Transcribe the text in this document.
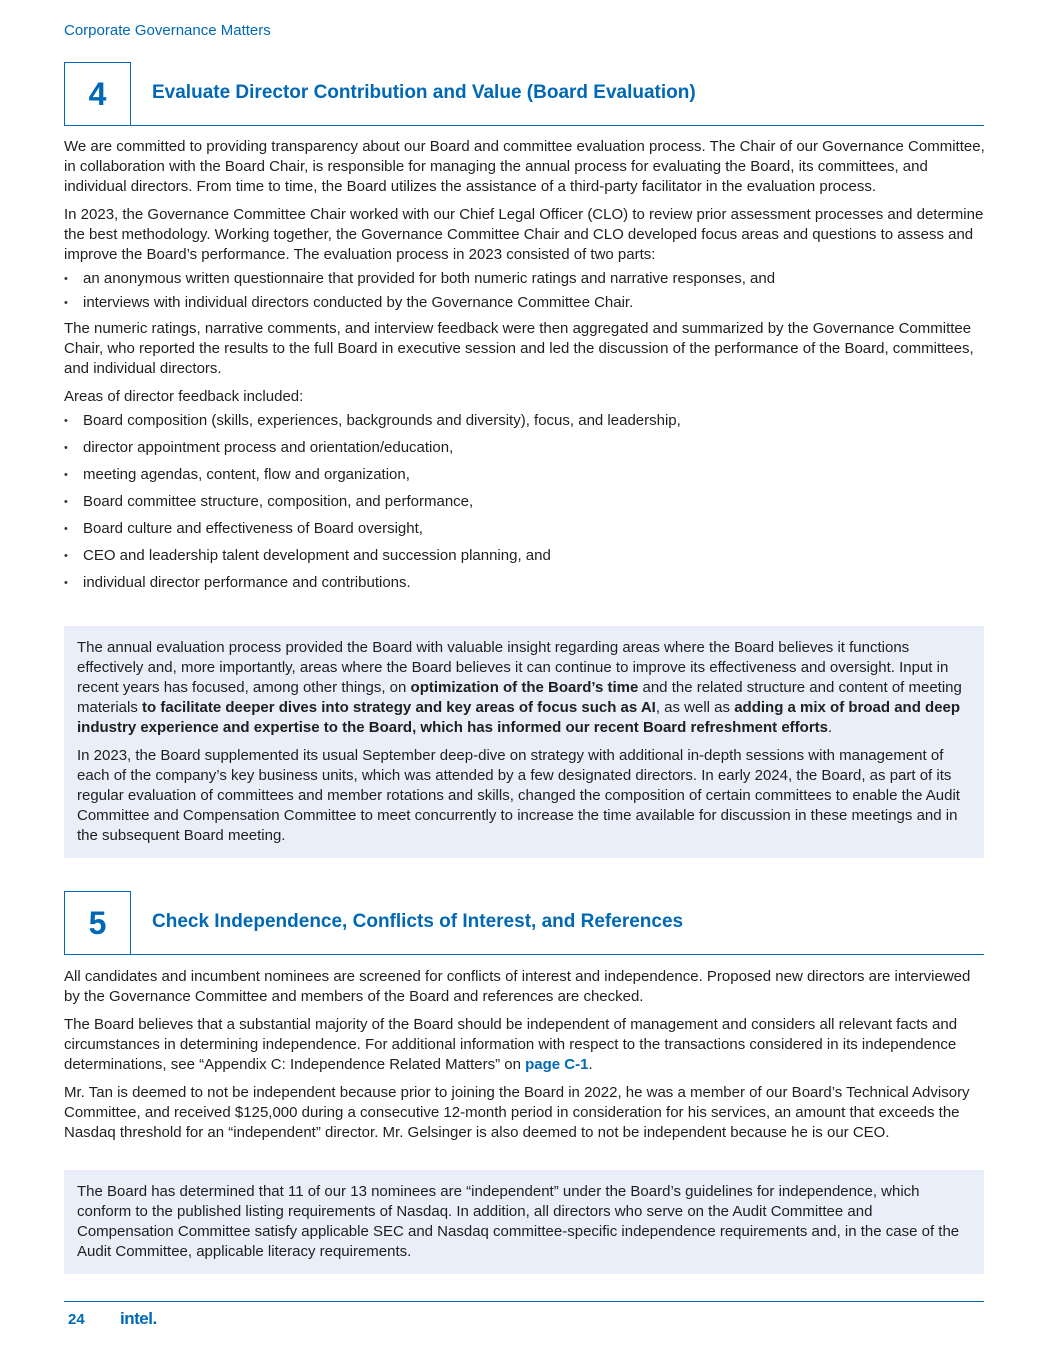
Corporate Governance Matters
4	Evaluate Director Contribution and Value (Board Evaluation)

We are committed to providing transparency about our Board and committee evaluation process. The Chair of our Governance Committee, in collaboration with the Board Chair, is responsible for managing the annual process for evaluating the Board, its committees, and individual directors. From time to time, the Board utilizes the assistance of a third-party facilitator in the evaluation process.

In 2023, the Governance Committee Chair worked with our Chief Legal Officer (CLO) to review prior assessment processes and determine the best methodology. Working together, the Governance Committee Chair and CLO developed focus areas and questions to assess and improve the Board’s performance. The evaluation process in 2023 consisted of two parts:

• an anonymous written questionnaire that provided for both numeric ratings and narrative responses, and
• interviews with individual directors conducted by the Governance Committee Chair.

The numeric ratings, narrative comments, and interview feedback were then aggregated and summarized by the Governance Committee Chair, who reported the results to the full Board in executive session and led the discussion of the performance of the Board, committees, and individual directors.

Areas of director feedback included:

• Board composition (skills, experiences, backgrounds and diversity), focus, and leadership,
• director appointment process and orientation/education,
• meeting agendas, content, flow and organization,
• Board committee structure, composition, and performance,
• Board culture and effectiveness of Board oversight,
• CEO and leadership talent development and succession planning, and
• individual director performance and contributions.

The annual evaluation process provided the Board with valuable insight regarding areas where the Board believes it functions effectively and, more importantly, areas where the Board believes it can continue to improve its effectiveness and oversight. Input in recent years has focused, among other things, on optimization of the Board’s time and the related structure and content of meeting materials to facilitate deeper dives into strategy and key areas of focus such as AI, as well as adding a mix of broad and deep industry experience and expertise to the Board, which has informed our recent Board refreshment efforts.

In 2023, the Board supplemented its usual September deep-dive on strategy with additional in-depth sessions with management of each of the company’s key business units, which was attended by a few designated directors. In early 2024, the Board, as part of its regular evaluation of committees and member rotations and skills, changed the composition of certain committees to enable the Audit Committee and Compensation Committee to meet concurrently to increase the time available for discussion in these meetings and in the subsequent Board meeting.

5	Check Independence, Conflicts of Interest, and References

All candidates and incumbent nominees are screened for conflicts of interest and independence. Proposed new directors are interviewed by the Governance Committee and members of the Board and references are checked.

The Board believes that a substantial majority of the Board should be independent of management and considers all relevant facts and circumstances in determining independence. For additional information with respect to the transactions considered in its independence determinations, see “Appendix C: Independence Related Matters” on page C-1.

Mr. Tan is deemed to not be independent because prior to joining the Board in 2022, he was a member of our Board’s Technical Advisory Committee, and received $125,000 during a consecutive 12-month period in consideration for his services, an amount that exceeds the Nasdaq threshold for an “independent” director. Mr. Gelsinger is also deemed to not be independent because he is our CEO.

The Board has determined that 11 of our 13 nominees are “independent” under the Board’s guidelines for independence, which conform to the published listing requirements of Nasdaq. In addition, all directors who serve on the Audit Committee and Compensation Committee satisfy applicable SEC and Nasdaq committee-specific independence requirements and, in the case of the Audit Committee, applicable literacy requirements.

24 intel.
